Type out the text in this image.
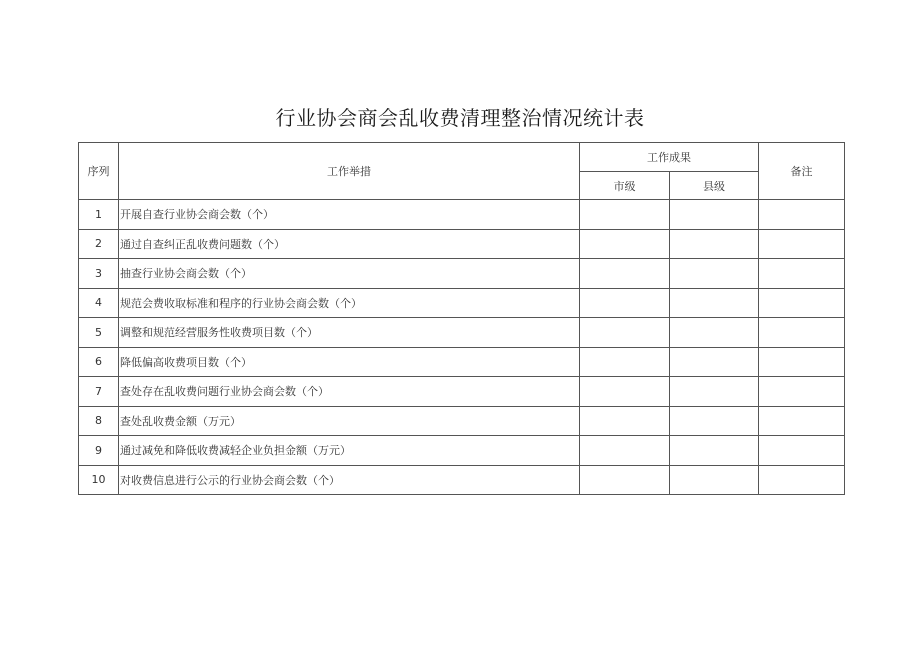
行业协会商会乱收费清理整治情况统计表
序列	工作举措	工作成果		备注
		市级	县级	
1	开展自查行业协会商会数（个）			
2	通过自查纠正乱收费问题数（个）			
3	抽查行业协会商会数（个）			
4	规范会费收取标准和程序的行业协会商会数（个）			
5	调整和规范经营服务性收费项目数（个）			
6	降低偏高收费项目数（个）			
7	查处存在乱收费问题行业协会商会数（个）			
8	查处乱收费金额（万元）			
9	通过减免和降低收费减轻企业负担金额（万元）			
10	对收费信息进行公示的行业协会商会数（个）			
